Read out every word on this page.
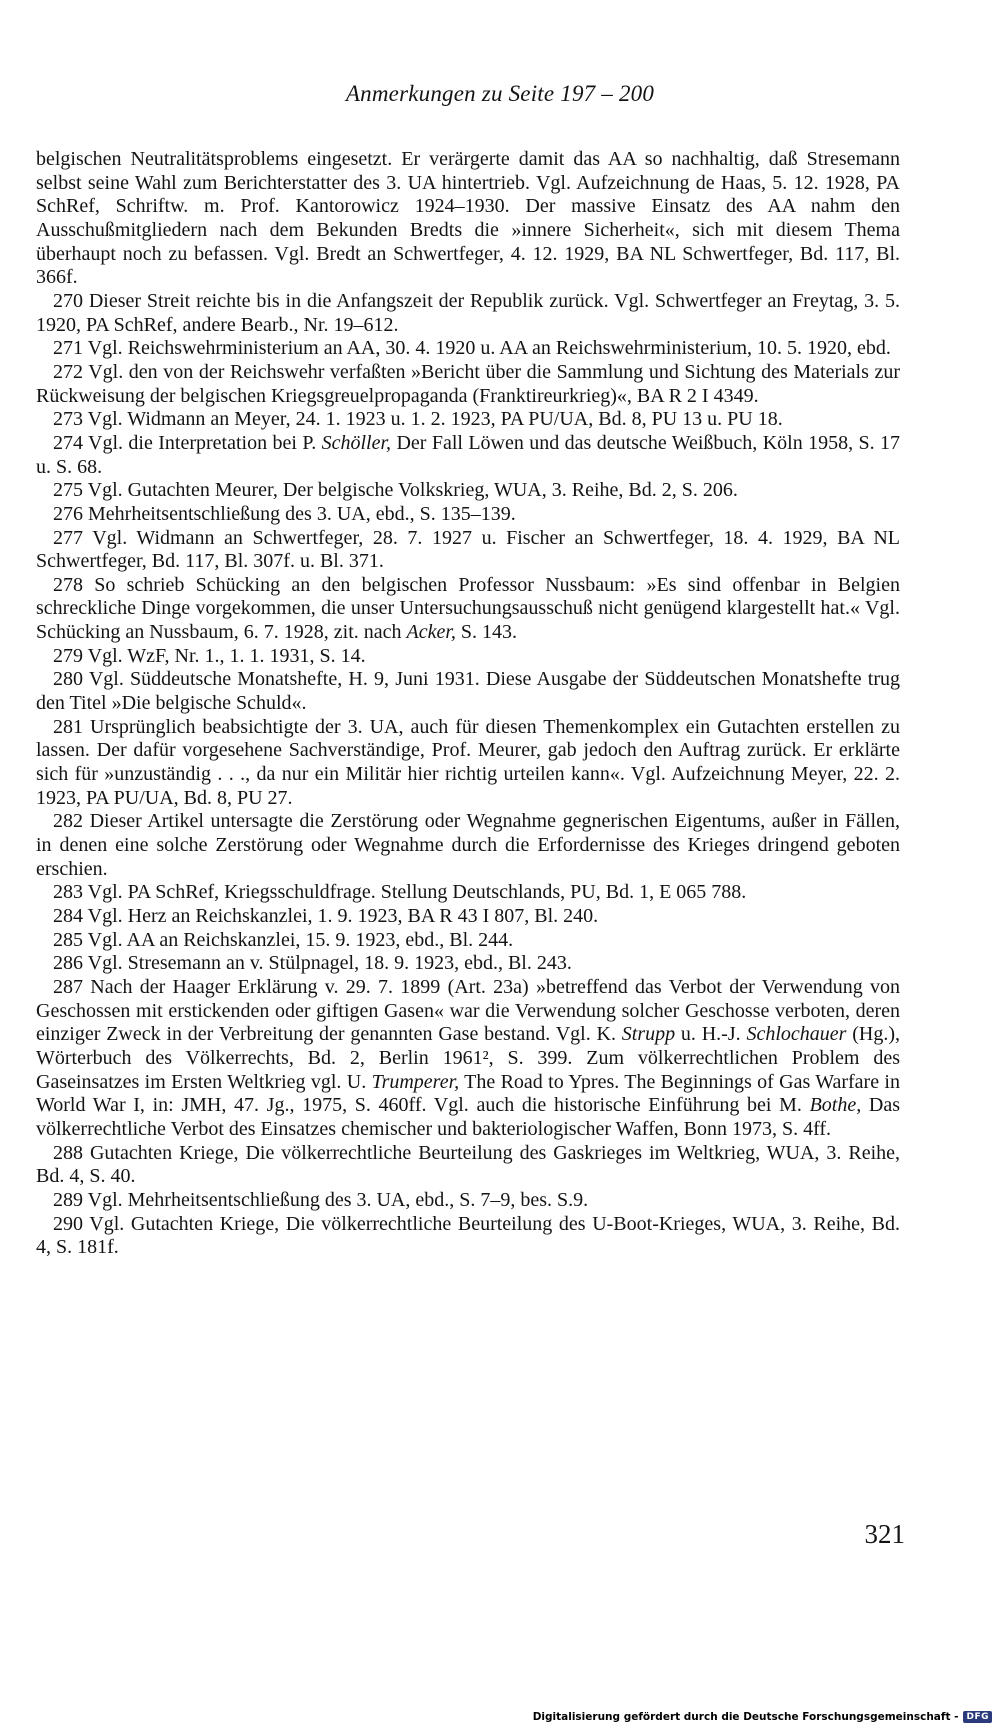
Anmerkungen zu Seite 197 – 200

belgischen Neutralitätsproblems eingesetzt. Er verärgerte damit das AA so nachhaltig, daß Stresemann selbst seine Wahl zum Berichterstatter des 3. UA hintertrieb. Vgl. Aufzeichnung de Haas, 5. 12. 1928, PA SchRef, Schriftw. m. Prof. Kantorowicz 1924–1930. Der massive Einsatz des AA nahm den Ausschußmitgliedern nach dem Bekunden Bredts die »innere Sicherheit«, sich mit diesem Thema überhaupt noch zu befassen. Vgl. Bredt an Schwertfeger, 4. 12. 1929, BA NL Schwertfeger, Bd. 117, Bl. 366f.

270 Dieser Streit reichte bis in die Anfangszeit der Republik zurück. Vgl. Schwertfeger an Freytag, 3. 5. 1920, PA SchRef, andere Bearb., Nr. 19–612.

271 Vgl. Reichswehrministerium an AA, 30. 4. 1920 u. AA an Reichswehrministerium, 10. 5. 1920, ebd.

272 Vgl. den von der Reichswehr verfaßten »Bericht über die Sammlung und Sichtung des Materials zur Rückweisung der belgischen Kriegsgreuelpropaganda (Franktireurkrieg)«, BA R 2 I 4349.

273 Vgl. Widmann an Meyer, 24. 1. 1923 u. 1. 2. 1923, PA PU/UA, Bd. 8, PU 13 u. PU 18.

274 Vgl. die Interpretation bei P. Schöller, Der Fall Löwen und das deutsche Weißbuch, Köln 1958, S. 17 u. S. 68.

275 Vgl. Gutachten Meurer, Der belgische Volkskrieg, WUA, 3. Reihe, Bd. 2, S. 206.

276 Mehrheitsentschließung des 3. UA, ebd., S. 135–139.

277 Vgl. Widmann an Schwertfeger, 28. 7. 1927 u. Fischer an Schwertfeger, 18. 4. 1929, BA NL Schwertfeger, Bd. 117, Bl. 307f. u. Bl. 371.

278 So schrieb Schücking an den belgischen Professor Nussbaum: »Es sind offenbar in Belgien schreckliche Dinge vorgekommen, die unser Untersuchungsausschuß nicht genügend klargestellt hat.« Vgl. Schücking an Nussbaum, 6. 7. 1928, zit. nach Acker, S. 143.

279 Vgl. WzF, Nr. 1., 1. 1. 1931, S. 14.

280 Vgl. Süddeutsche Monatshefte, H. 9, Juni 1931. Diese Ausgabe der Süddeutschen Monatshefte trug den Titel »Die belgische Schuld«.

281 Ursprünglich beabsichtigte der 3. UA, auch für diesen Themenkomplex ein Gutachten erstellen zu lassen. Der dafür vorgesehene Sachverständige, Prof. Meurer, gab jedoch den Auftrag zurück. Er erklärte sich für »unzuständig . . ., da nur ein Militär hier richtig urteilen kann«. Vgl. Aufzeichnung Meyer, 22. 2. 1923, PA PU/UA, Bd. 8, PU 27.

282 Dieser Artikel untersagte die Zerstörung oder Wegnahme gegnerischen Eigentums, außer in Fällen, in denen eine solche Zerstörung oder Wegnahme durch die Erfordernisse des Krieges dringend geboten erschien.

283 Vgl. PA SchRef, Kriegsschuldfrage. Stellung Deutschlands, PU, Bd. 1, E 065 788.

284 Vgl. Herz an Reichskanzlei, 1. 9. 1923, BA R 43 I 807, Bl. 240.

285 Vgl. AA an Reichskanzlei, 15. 9. 1923, ebd., Bl. 244.

286 Vgl. Stresemann an v. Stülpnagel, 18. 9. 1923, ebd., Bl. 243.

287 Nach der Haager Erklärung v. 29. 7. 1899 (Art. 23a) »betreffend das Verbot der Verwendung von Geschossen mit erstickenden oder giftigen Gasen« war die Verwendung solcher Geschosse verboten, deren einziger Zweck in der Verbreitung der genannten Gase bestand. Vgl. K. Strupp u. H.-J. Schlochauer (Hg.), Wörterbuch des Völkerrechts, Bd. 2, Berlin 1961², S. 399. Zum völkerrechtlichen Problem des Gaseinsatzes im Ersten Weltkrieg vgl. U. Trumperer, The Road to Ypres. The Beginnings of Gas Warfare in World War I, in: JMH, 47. Jg., 1975, S. 460ff. Vgl. auch die historische Einführung bei M. Bothe, Das völkerrechtliche Verbot des Einsatzes chemischer und bakteriologischer Waffen, Bonn 1973, S. 4ff.

288 Gutachten Kriege, Die völkerrechtliche Beurteilung des Gaskrieges im Weltkrieg, WUA, 3. Reihe, Bd. 4, S. 40.

289 Vgl. Mehrheitsentschließung des 3. UA, ebd., S. 7–9, bes. S.9.

290 Vgl. Gutachten Kriege, Die völkerrechtliche Beurteilung des U-Boot-Krieges, WUA, 3. Reihe, Bd. 4, S. 181f.

321
Digitalisierung gefördert durch die Deutsche Forschungsgemeinschaft - DFG
